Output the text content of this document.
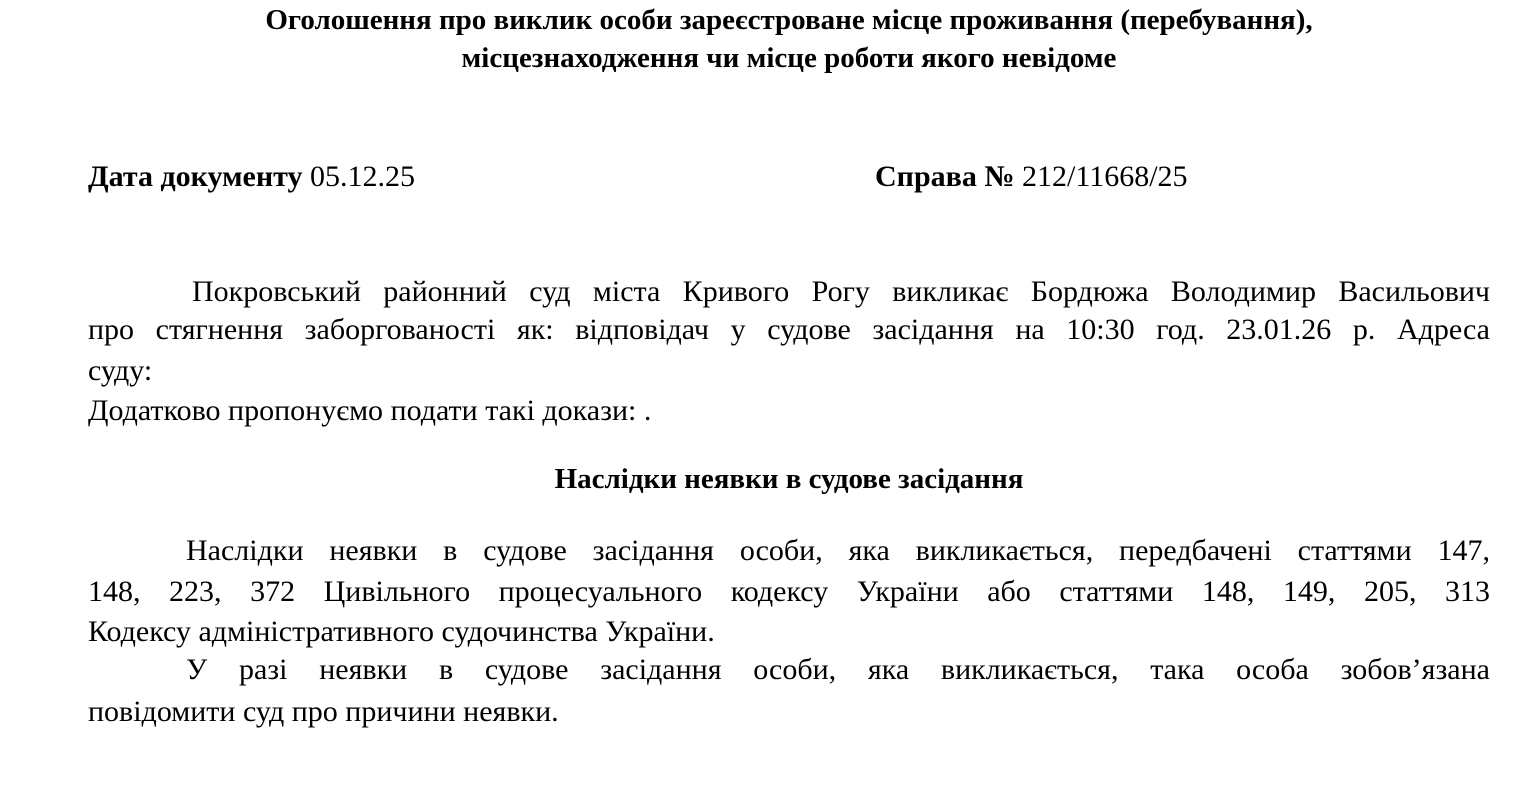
Оголошення про виклик особи зареєстроване місце проживання (перебування),
місцезнаходження чи місце роботи якого невідоме
Дата документу 05.12.25	Справа № 212/11668/25
Покровський районний суд міста Кривого Рогу викликає Бордюжа Володимир Васильович
про стягнення заборгованості як: відповідач у судове засідання на 10:30 год. 23.01.26 р. Адреса
суду:
Додатково пропонуємо подати такі докази: .
Наслідки неявки в судове засідання
Наслідки неявки в судове засідання особи, яка викликається, передбачені статтями 147,
148, 223, 372 Цивільного процесуального кодексу України або статтями 148, 149, 205, 313
Кодексу адміністративного судочинства України.
У разі неявки в судове засідання особи, яка викликається, така особа зобов’язана
повідомити суд про причини неявки.
